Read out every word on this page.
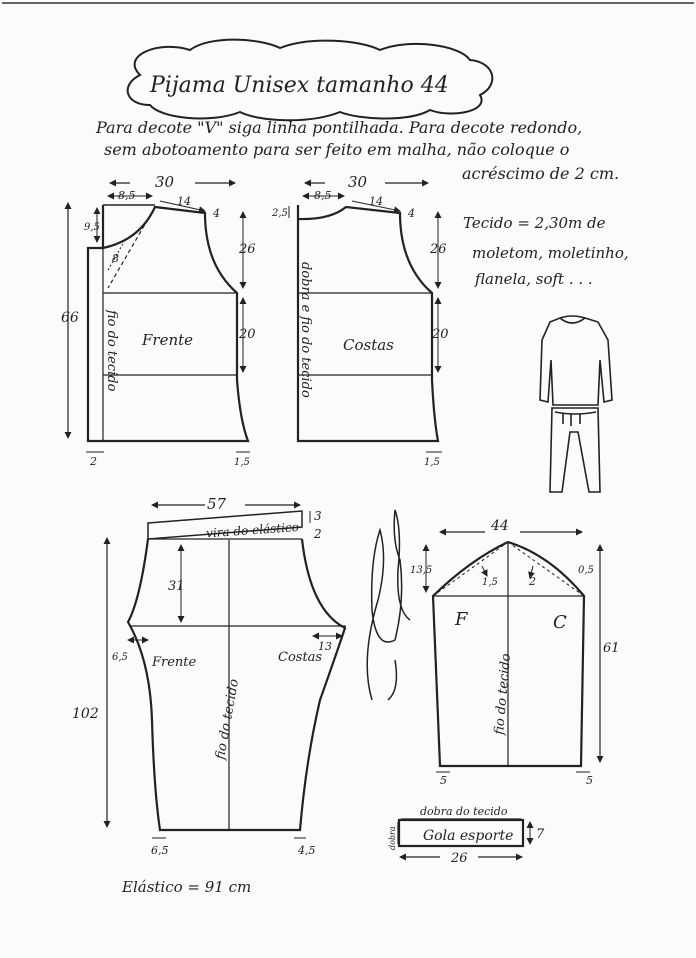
Pijama Unisex tamanho 44
30
8,5	14
4
9,5
8
26
20
66
Frente
fio do tecido
2	1,5
30
8,5	14
4
2,5
26
20
Costas
dobra e fio do tecido
1,5
57
vira do elástico
3
2
31
6,5
13
102
Frente	Costas
fio do tecido
6,5	4,5
44
13,5
1,5	2
0,5
61
F	C
fio do tecido
5	5
dobra do tecido
dobra Gola esporte 7
26
Elástico = 91 cm
Para decote "V" siga linha pontilhada. Para decote redondo,
sem abotoamento para ser feito em malha, não coloque o
acréscimo de 2 cm.
Tecido = 2,30m de
moletom, moletinho,
flanela, soft . . .
